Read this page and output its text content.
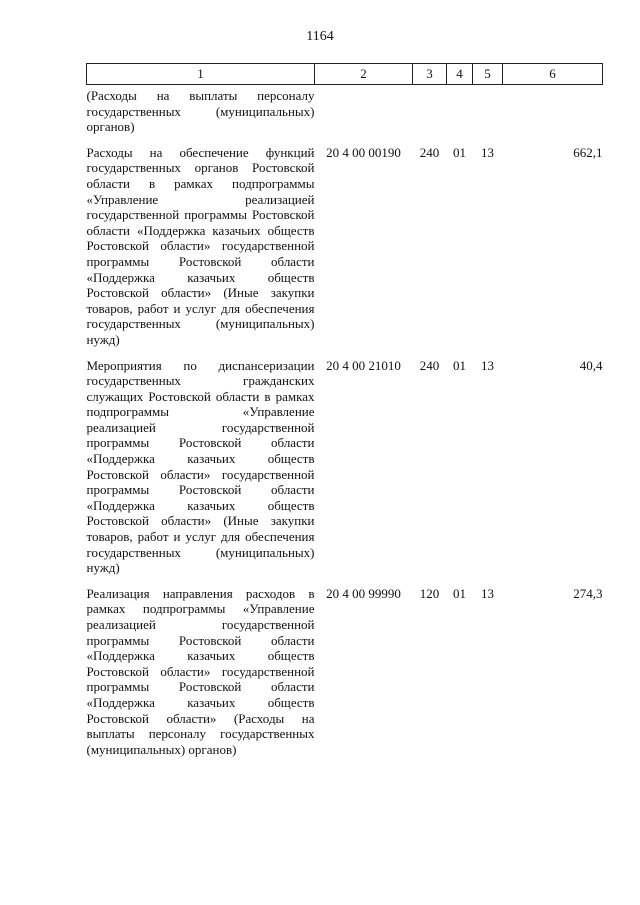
1164
1	2	3	4	5	6
(Расходы на выплаты персоналу государственных (муниципальных) органов)					
Расходы на обеспечение функций государственных органов Ростовской области в рамках подпрограммы «Управление реализацией государственной программы Ростовской области «Поддержка казачьих обществ Ростовской области» государственной программы Ростовской области «Поддержка казачьих обществ Ростовской области» (Иные закупки товаров, работ и услуг для обеспечения государственных (муниципальных) нужд)	20 4 00 00190	240	01	13	662,1
Мероприятия по диспансеризации государственных гражданских служащих Ростовской области в рамках подпрограммы «Управление реализацией государственной программы Ростовской области «Поддержка казачьих обществ Ростовской области» государственной программы Ростовской области «Поддержка казачьих обществ Ростовской области» (Иные закупки товаров, работ и услуг для обеспечения государственных (муниципальных) нужд)	20 4 00 21010	240	01	13	40,4
Реализация направления расходов в рамках подпрограммы «Управление реализацией государственной программы Ростовской области «Поддержка казачьих обществ Ростовской области» государственной программы Ростовской области «Поддержка казачьих обществ Ростовской области» (Расходы на выплаты персоналу государственных (муниципальных) органов)	20 4 00 99990	120	01	13	274,3
